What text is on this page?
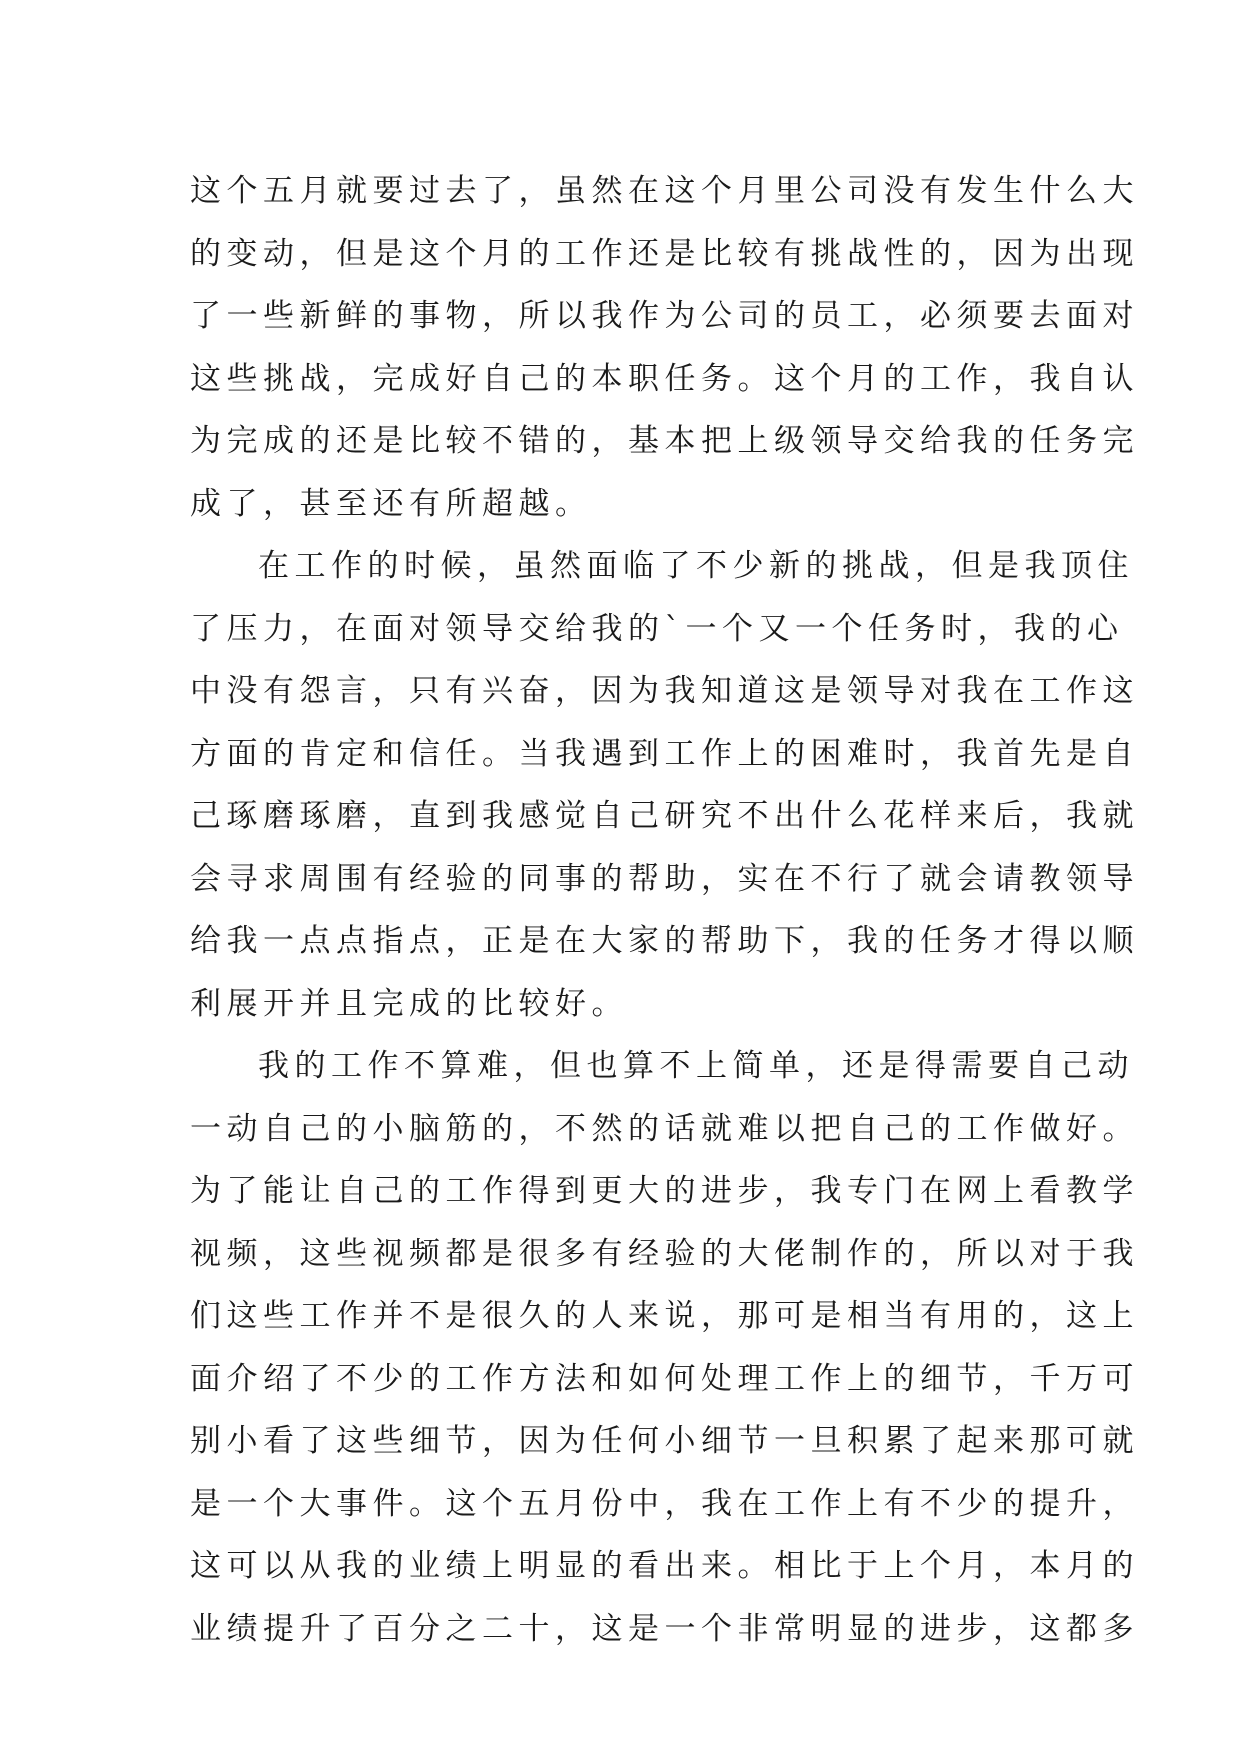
这个五月就要过去了，虽然在这个月里公司没有发生什么大
的变动，但是这个月的工作还是比较有挑战性的，因为出现
了一些新鲜的事物，所以我作为公司的员工，必须要去面对
这些挑战，完成好自己的本职任务。这个月的工作，我自认
为完成的还是比较不错的，基本把上级领导交给我的任务完
成了，甚至还有所超越。
在工作的时候，虽然面临了不少新的挑战，但是我顶住
了压力，在面对领导交给我的`一个又一个任务时，我的心
中没有怨言，只有兴奋，因为我知道这是领导对我在工作这
方面的肯定和信任。当我遇到工作上的困难时，我首先是自
己琢磨琢磨，直到我感觉自己研究不出什么花样来后，我就
会寻求周围有经验的同事的帮助，实在不行了就会请教领导
给我一点点指点，正是在大家的帮助下，我的任务才得以顺
利展开并且完成的比较好。
我的工作不算难，但也算不上简单，还是得需要自己动
一动自己的小脑筋的，不然的话就难以把自己的工作做好。
为了能让自己的工作得到更大的进步，我专门在网上看教学
视频，这些视频都是很多有经验的大佬制作的，所以对于我
们这些工作并不是很久的人来说，那可是相当有用的，这上
面介绍了不少的工作方法和如何处理工作上的细节，千万可
别小看了这些细节，因为任何小细节一旦积累了起来那可就
是一个大事件。这个五月份中，我在工作上有不少的提升，
这可以从我的业绩上明显的看出来。相比于上个月，本月的
业绩提升了百分之二十，这是一个非常明显的进步，这都多
